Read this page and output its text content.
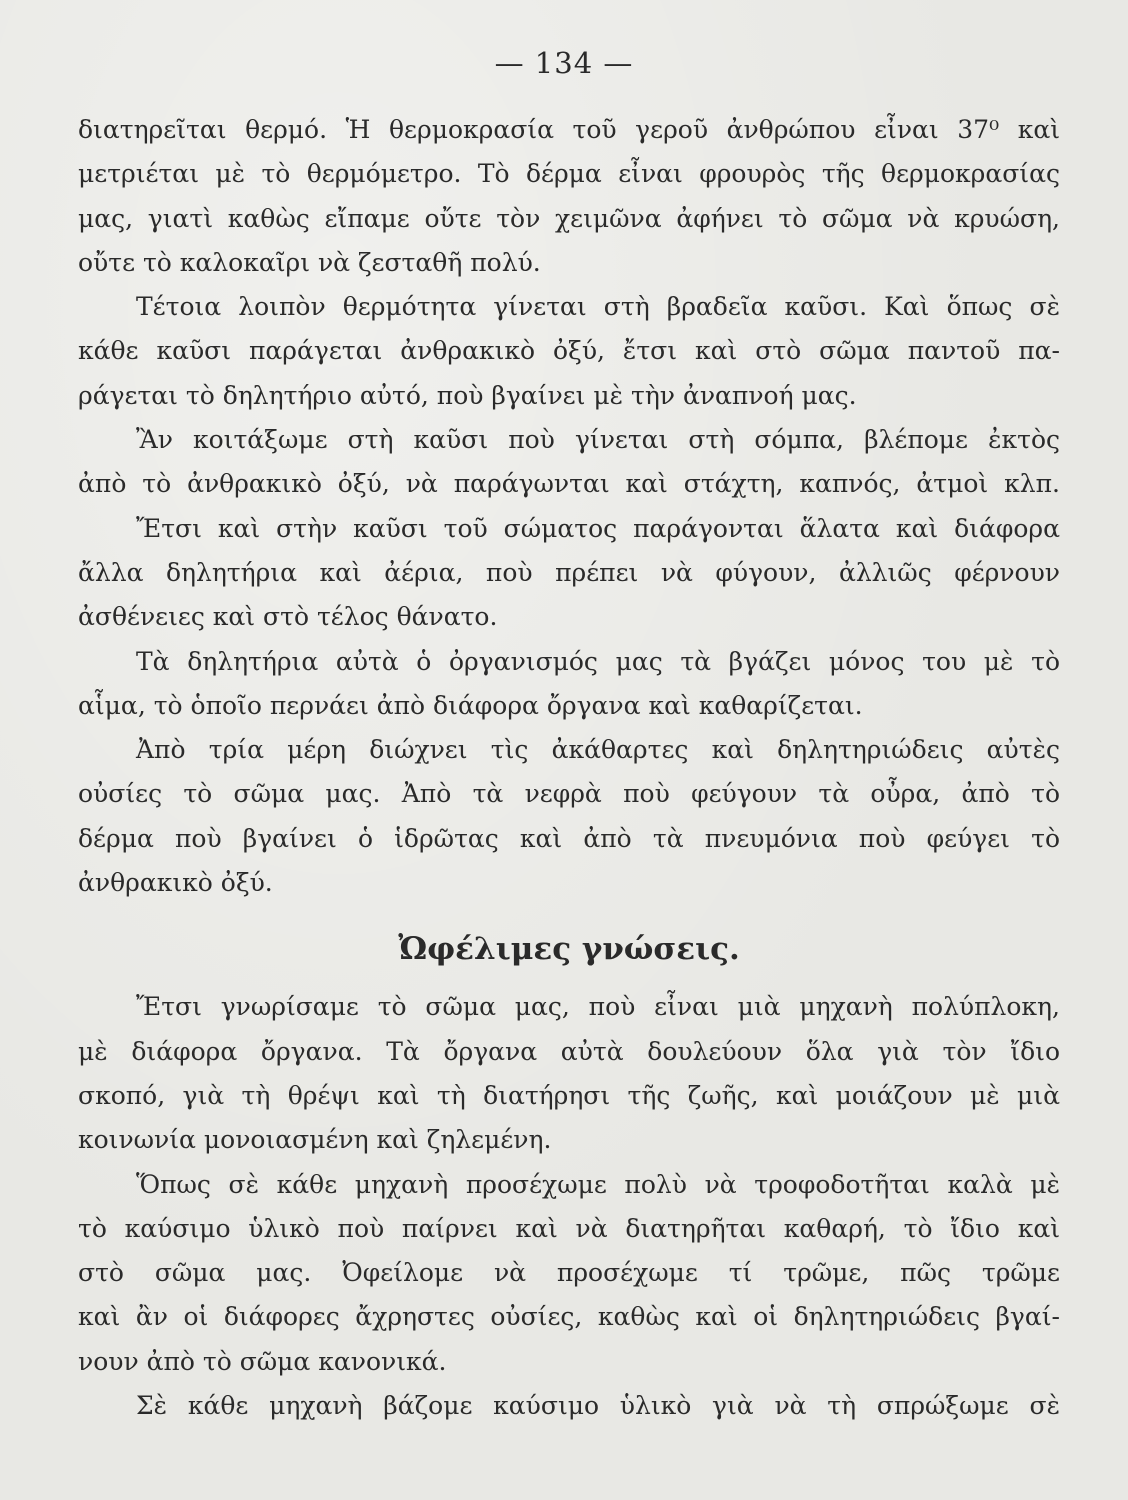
— 134 —
διατηρεῖται θερμό. Ἡ θερμοκρασία τοῦ γεροῦ ἀνθρώπου εἶναι 37⁰ καὶ
μετριέται μὲ τὸ θερμόμετρο. Τὸ δέρμα εἶναι φρουρὸς τῆς θερμοκρασίας
μας, γιατὶ καθὼς εἴπαμε οὔτε τὸν χειμῶνα ἀφήνει τὸ σῶμα νὰ κρυώση,
οὔτε τὸ καλοκαῖρι νὰ ζεσταθῆ πολύ.
Τέτοια λοιπὸν θερμότητα γίνεται στὴ βραδεῖα καῦσι. Καὶ ὅπως σὲ
κάθε καῦσι παράγεται ἀνθρακικὸ ὀξύ, ἔτσι καὶ στὸ σῶμα παντοῦ πα-
ράγεται τὸ δηλητήριο αὐτό, ποὺ βγαίνει μὲ τὴν ἀναπνοή μας.
Ἂν κοιτάξωμε στὴ καῦσι ποὺ γίνεται στὴ σόμπα, βλέπομε ἐκτὸς
ἀπὸ τὸ ἀνθρακικὸ ὀξύ, νὰ παράγωνται καὶ στάχτη, καπνός, ἀτμοὶ κλπ.
Ἔτσι καὶ στὴν καῦσι τοῦ σώματος παράγονται ἅλατα καὶ διάφορα
ἄλλα δηλητήρια καὶ ἀέρια, ποὺ πρέπει νὰ φύγουν, ἀλλιῶς φέρνουν
ἀσθένειες καὶ στὸ τέλος θάνατο.
Τὰ δηλητήρια αὐτὰ ὁ ὀργανισμός μας τὰ βγάζει μόνος του μὲ τὸ
αἷμα, τὸ ὁποῖο περνάει ἀπὸ διάφορα ὄργανα καὶ καθαρίζεται.
Ἀπὸ τρία μέρη διώχνει τὶς ἀκάθαρτες καὶ δηλητηριώδεις αὐτὲς
οὐσίες τὸ σῶμα μας. Ἀπὸ τὰ νεφρὰ ποὺ φεύγουν τὰ οὖρα, ἀπὸ τὸ
δέρμα ποὺ βγαίνει ὁ ἱδρῶτας καὶ ἀπὸ τὰ πνευμόνια ποὺ φεύγει τὸ
ἀνθρακικὸ ὀξύ.
Ὠφέλιμες γνώσεις.
Ἔτσι γνωρίσαμε τὸ σῶμα μας, ποὺ εἶναι μιὰ μηχανὴ πολύπλοκη,
μὲ διάφορα ὄργανα. Τὰ ὄργανα αὐτὰ δουλεύουν ὅλα γιὰ τὸν ἴδιο
σκοπό, γιὰ τὴ θρέψι καὶ τὴ διατήρησι τῆς ζωῆς, καὶ μοιάζουν μὲ μιὰ
κοινωνία μονοιασμένη καὶ ζηλεμένη.
Ὅπως σὲ κάθε μηχανὴ προσέχωμε πολὺ νὰ τροφοδοτῆται καλὰ μὲ
τὸ καύσιμο ὑλικὸ ποὺ παίρνει καὶ νὰ διατηρῆται καθαρή, τὸ ἴδιο καὶ
στὸ σῶμα μας. Ὀφείλομε νὰ προσέχωμε τί τρῶμε, πῶς τρῶμε
καὶ ἂν οἱ διάφορες ἄχρηστες οὐσίες, καθὼς καὶ οἱ δηλητηριώδεις βγαί-
νουν ἀπὸ τὸ σῶμα κανονικά.
Σὲ κάθε μηχανὴ βάζομε καύσιμο ὑλικὸ γιὰ νὰ τὴ σπρώξωμε σὲ
